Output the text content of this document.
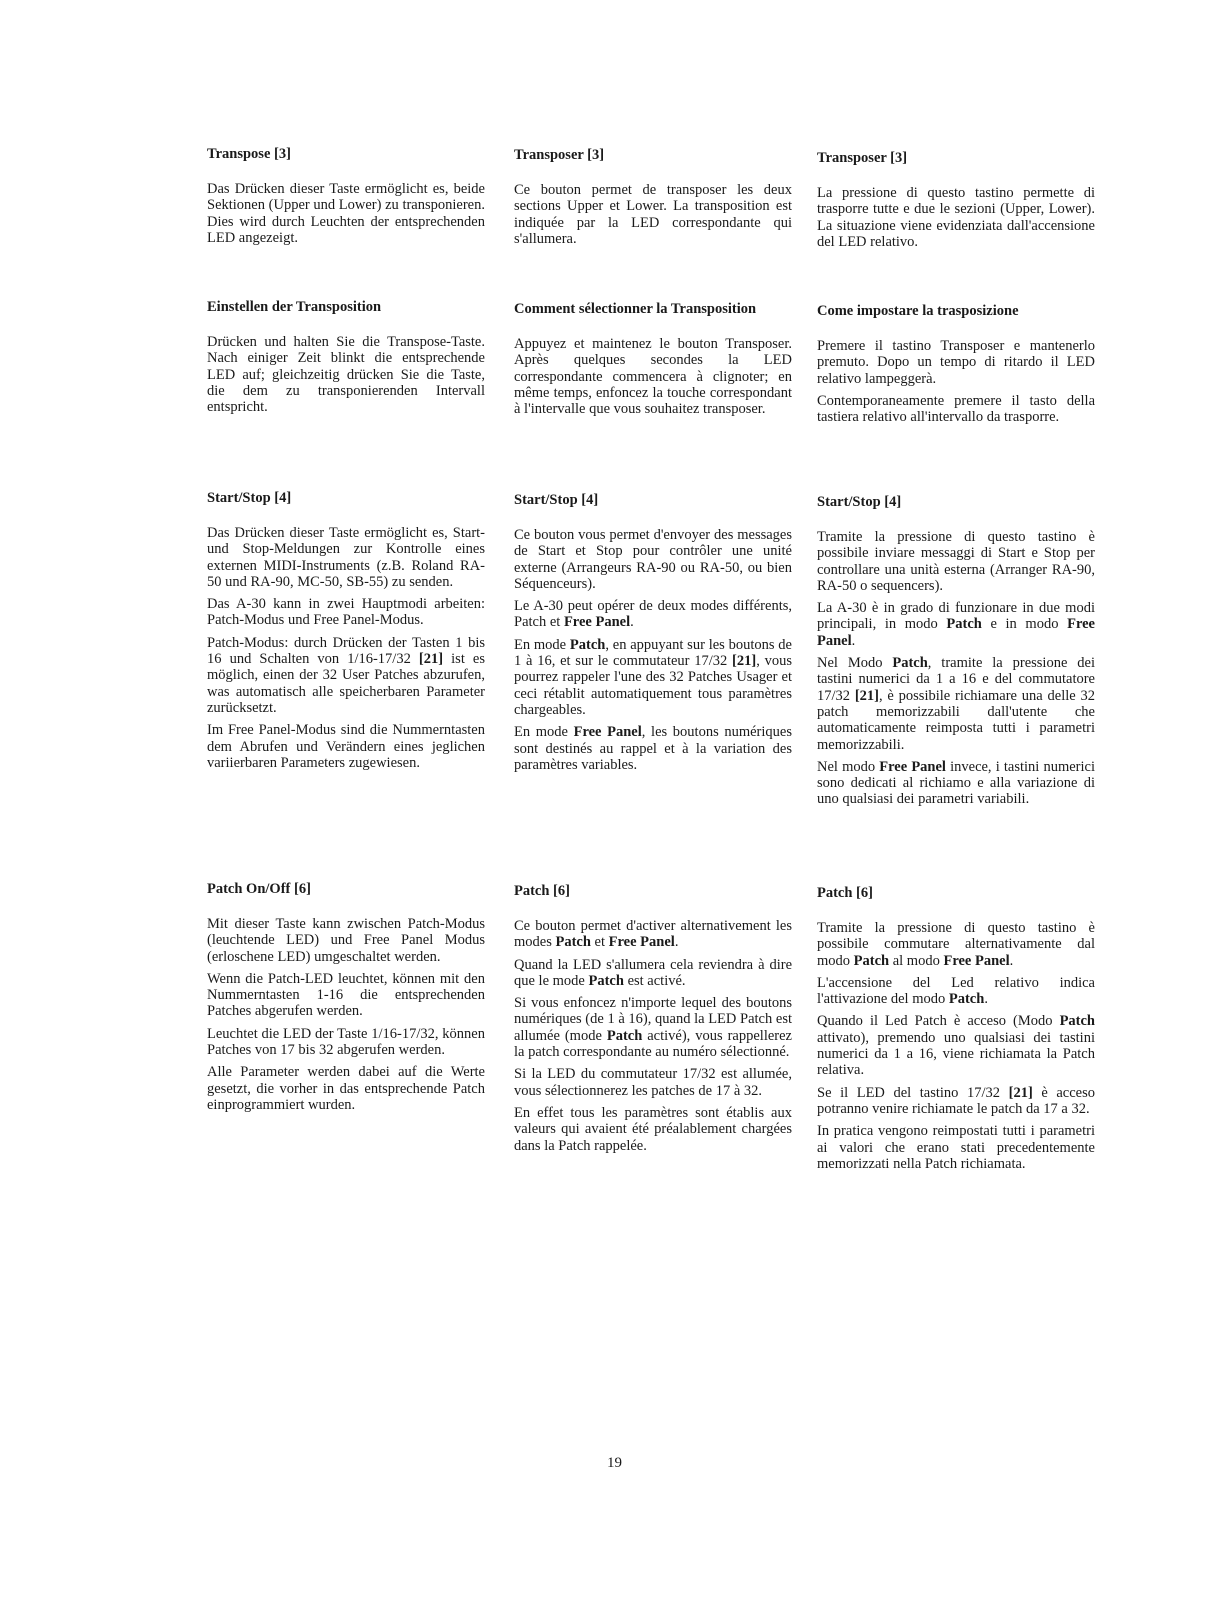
Transpose [3]

Das Drücken dieser Taste ermöglicht es, beide Sektionen (Upper und Lower) zu transponieren. Dies wird durch Leuchten der entsprechenden LED angezeigt.

Einstellen der Transposition

Drücken und halten Sie die Transpose-Taste. Nach einiger Zeit blinkt die entsprechende LED auf; gleichzeitig drücken Sie die Taste, die dem zu transponierenden Intervall entspricht.

Start/Stop [4]

Das Drücken dieser Taste ermöglicht es, Start- und Stop-Meldungen zur Kontrolle eines externen MIDI-Instruments (z.B. Roland RA-50 und RA-90, MC-50, SB-55) zu senden.

Das A-30 kann in zwei Hauptmodi arbeiten: Patch-Modus und Free Panel-Modus.

Patch-Modus: durch Drücken der Tasten 1 bis 16 und Schalten von 1/16-17/32 [21] ist es möglich, einen der 32 User Patches abzurufen, was automatisch alle speicherbaren Parameter zurücksetzt.

Im Free Panel-Modus sind die Nummerntasten dem Abrufen und Verändern eines jeglichen variierbaren Parameters zugewiesen.

Patch On/Off [6]

Mit dieser Taste kann zwischen Patch-Modus (leuchtende LED) und Free Panel Modus (erloschene LED) umgeschaltet werden.

Wenn die Patch-LED leuchtet, können mit den Nummerntasten 1-16 die entsprechenden Patches abgerufen werden.

Leuchtet die LED der Taste 1/16-17/32, können Patches von 17 bis 32 abgerufen werden.

Alle Parameter werden dabei auf die Werte gesetzt, die vorher in das entsprechende Patch einprogrammiert wurden.

Transposer [3]

Ce bouton permet de transposer les deux sections Upper et Lower. La transposition est indiquée par la LED correspondante qui s'allumera.

Comment sélectionner la Transposition

Appuyez et maintenez le bouton Transposer. Après quelques secondes la LED correspondante commencera à clignoter; en même temps, enfoncez la touche correspondant à l'intervalle que vous souhaitez transposer.

Start/Stop [4]

Ce bouton vous permet d'envoyer des messages de Start et Stop pour contrôler une unité externe (Arrangeurs RA-90 ou RA-50, ou bien Séquenceurs).

Le A-30 peut opérer de deux modes différents, Patch et Free Panel.

En mode Patch, en appuyant sur les boutons de 1 à 16, et sur le commutateur 17/32 [21], vous pourrez rappeler l'une des 32 Patches Usager et ceci rétablit automatiquement tous paramètres chargeables.

En mode Free Panel, les boutons numériques sont destinés au rappel et à la variation des paramètres variables.

Patch [6]

Ce bouton permet d'activer alternativement les modes Patch et Free Panel.

Quand la LED s'allumera cela reviendra à dire que le mode Patch est activé.

Si vous enfoncez n'importe lequel des boutons numériques (de 1 à 16), quand la LED Patch est allumée (mode Patch activé), vous rappellerez la patch correspondante au numéro sélectionné.

Si la LED du commutateur 17/32 est allumée, vous sélectionnerez les patches de 17 à 32.

En effet tous les paramètres sont établis aux valeurs qui avaient été préalablement chargées dans la Patch rappelée.

Transposer [3]

La pressione di questo tastino permette di trasporre tutte e due le sezioni (Upper, Lower). La situazione viene evidenziata dall'accensione del LED relativo.

Come impostare la trasposizione

Premere il tastino Transposer e mantenerlo premuto. Dopo un tempo di ritardo il LED relativo lampeggerà.

Contemporaneamente premere il tasto della tastiera relativo all'intervallo da trasporre.

Start/Stop [4]

Tramite la pressione di questo tastino è possibile inviare messaggi di Start e Stop per controllare una unità esterna (Arranger RA-90, RA-50 o sequencers).

La A-30 è in grado di funzionare in due modi principali, in modo Patch e in modo Free Panel.

Nel Modo Patch, tramite la pressione dei tastini numerici da 1 a 16 e del commutatore 17/32 [21], è possibile richiamare una delle 32 patch memorizzabili dall'utente che automaticamente reimposta tutti i parametri memorizzabili.

Nel modo Free Panel invece, i tastini numerici sono dedicati al richiamo e alla variazione di uno qualsiasi dei parametri variabili.

Patch [6]

Tramite la pressione di questo tastino è possibile commutare alternativamente dal modo Patch al modo Free Panel.

L'accensione del Led relativo indica l'attivazione del modo Patch.

Quando il Led Patch è acceso (Modo Patch attivato), premendo uno qualsiasi dei tastini numerici da 1 a 16, viene richiamata la Patch relativa.

Se il LED del tastino 17/32 [21] è acceso potranno venire richiamate le patch da 17 a 32.

In pratica vengono reimpostati tutti i parametri ai valori che erano stati precedentemente memorizzati nella Patch richiamata.

19
